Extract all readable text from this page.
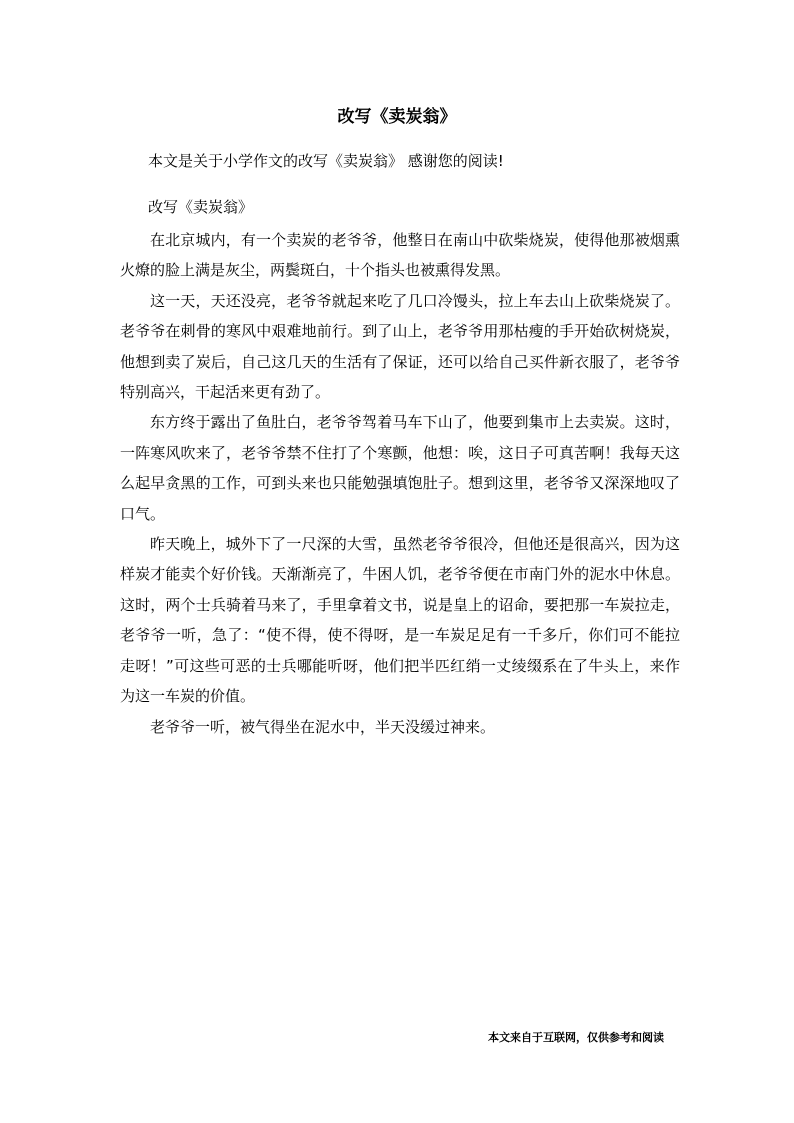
改写《卖炭翁》
本文是关于小学作文的改写《卖炭翁》 感谢您的阅读!
改写《卖炭翁》

在北京城内，有一个卖炭的老爷爷，他整日在南山中砍柴烧炭，使得他那被烟熏火燎的脸上满是灰尘，两鬓斑白，十个指头也被熏得发黑。

这一天，天还没亮，老爷爷就起来吃了几口冷馒头，拉上车去山上砍柴烧炭了。老爷爷在刺骨的寒风中艰难地前行。到了山上，老爷爷用那枯瘦的手开始砍树烧炭，他想到卖了炭后，自己这几天的生活有了保证，还可以给自己买件新衣服了，老爷爷特别高兴，干起活来更有劲了。

东方终于露出了鱼肚白，老爷爷驾着马车下山了，他要到集市上去卖炭。这时，一阵寒风吹来了，老爷爷禁不住打了个寒颤，他想：唉，这日子可真苦啊！我每天这么起早贪黑的工作，可到头来也只能勉强填饱肚子。想到这里，老爷爷又深深地叹了口气。

昨天晚上，城外下了一尺深的大雪，虽然老爷爷很冷，但他还是很高兴，因为这样炭才能卖个好价钱。天渐渐亮了，牛困人饥，老爷爷便在市南门外的泥水中休息。这时，两个士兵骑着马来了，手里拿着文书，说是皇上的诏命，要把那一车炭拉走，老爷爷一听，急了：“使不得，使不得呀，是一车炭足足有一千多斤，你们可不能拉走呀！”可这些可恶的士兵哪能听呀，他们把半匹红绡一丈绫缀系在了牛头上，来作为这一车炭的价值。

老爷爷一听，被气得坐在泥水中，半天没缓过神来。

本文来自于互联网，仅供参考和阅读
